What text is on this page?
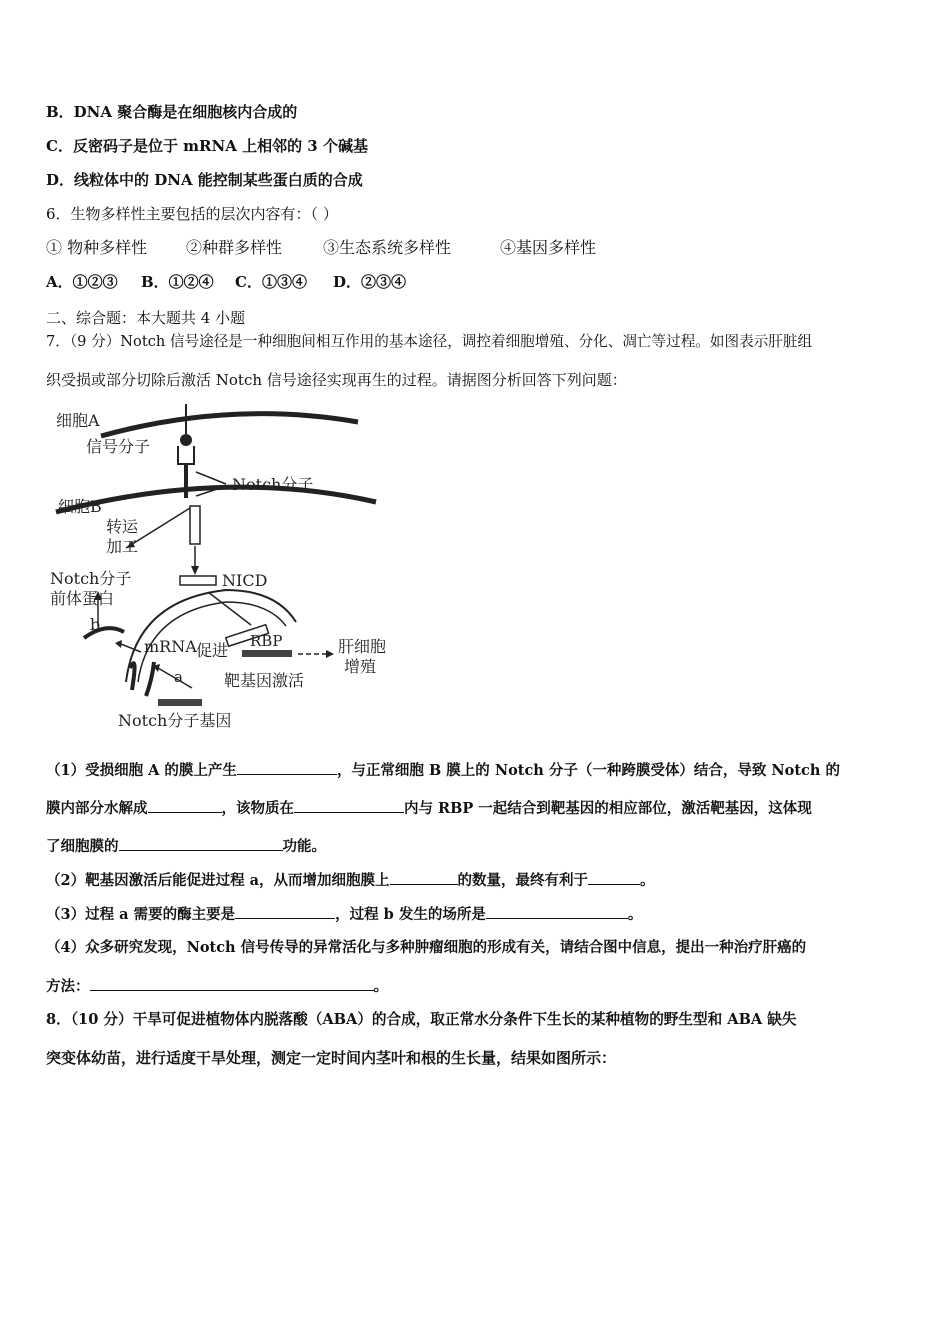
B．DNA 聚合酶是在细胞核内合成的
C．反密码子是位于 mRNA 上相邻的 3 个碱基
D．线粒体中的 DNA 能控制某些蛋白质的合成
6．生物多样性主要包括的层次内容有：（ ）
① 物种多样性 ②种群多样性	③生态系统多样性	④基因多样性
A．①②③ B．①②④ C．①③④ D．②③④
二、综合题：本大题共 4 小题
7．（9 分）Notch 信号途径是一种细胞间相互作用的基本途径，调控着细胞增殖、分化、凋亡等过程。如图表示肝脏组
织受损或部分切除后激活 Notch 信号途径实现再生的过程。请据图分析回答下列问题：
细胞A
信号分子
Notch分子
细胞B
转运
加工
Notch分子
前体蛋白
NICD
b
mRNA 促进 RBP	肝细胞
增殖
a	靶基因激活
Notch分子基因
（1）受损细胞 A 的膜上产生	，与正常细胞 B 膜上的 Notch 分子（一种跨膜受体）结合，导致 Notch 的
膜内部分水解成	，该物质在	内与 RBP 一起结合到靶基因的相应部位，激活靶基因，这体现
了细胞膜的	功能。
（2）靶基因激活后能促进过程 a，从而增加细胞膜上	的数量，最终有利于	。
（3）过程 a 需要的酶主要是	，过程 b 发生的场所是	。
（4）众多研究发现，Notch 信号传导的异常活化与多种肿瘤细胞的形成有关，请结合图中信息，提出一种治疗肝癌的
方法：	。
8．（10 分）干旱可促进植物体内脱落酸（ABA）的合成，取正常水分条件下生长的某种植物的野生型和 ABA 缺失
突变体幼苗，进行适度干旱处理，测定一定时间内茎叶和根的生长量，结果如图所示：
